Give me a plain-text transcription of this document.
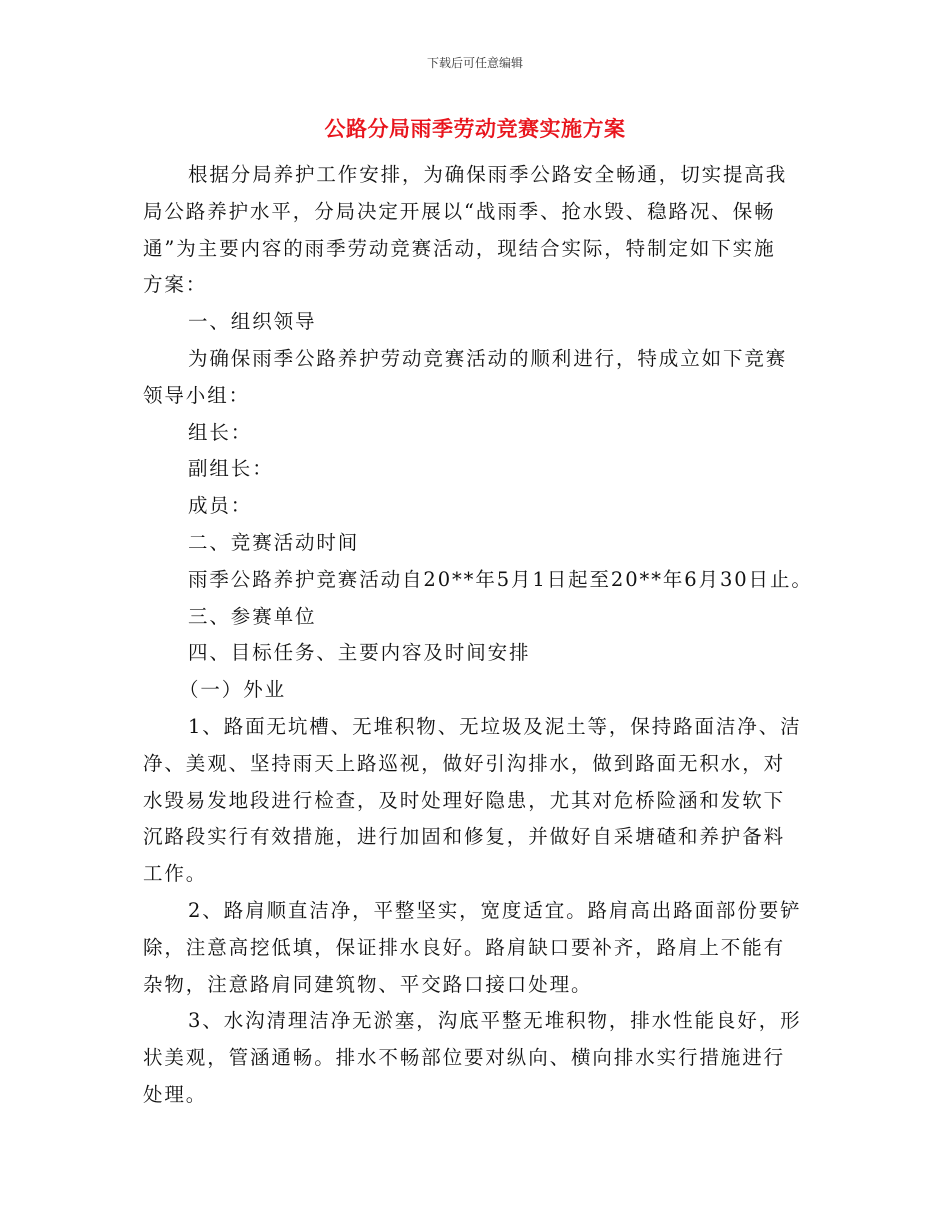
下载后可任意编辑
公路分局雨季劳动竞赛实施方案

根据分局养护工作安排，为确保雨季公路安全畅通，切实提高我

局公路养护水平，分局决定开展以“战雨季、抢水毁、稳路况、保畅

通”为主要内容的雨季劳动竞赛活动，现结合实际，特制定如下实施

方案：

一、组织领导

为确保雨季公路养护劳动竞赛活动的顺利进行，特成立如下竞赛

领导小组：

组长：

副组长：

成员：

二、竞赛活动时间

雨季公路养护竞赛活动自20**年5月1日起至20**年6月30日止。

三、参赛单位

四、目标任务、主要内容及时间安排

（一）外业

1、路面无坑槽、无堆积物、无垃圾及泥土等，保持路面洁净、洁

净、美观、坚持雨天上路巡视，做好引沟排水，做到路面无积水，对

水毁易发地段进行检查，及时处理好隐患，尤其对危桥险涵和发软下

沉路段实行有效措施，进行加固和修复，并做好自采塘碴和养护备料

工作。

2、路肩顺直洁净，平整坚实，宽度适宜。路肩高出路面部份要铲

除，注意高挖低填，保证排水良好。路肩缺口要补齐，路肩上不能有

杂物，注意路肩同建筑物、平交路口接口处理。

3、水沟清理洁净无淤塞，沟底平整无堆积物，排水性能良好，形

状美观，管涵通畅。排水不畅部位要对纵向、横向排水实行措施进行

处理。
